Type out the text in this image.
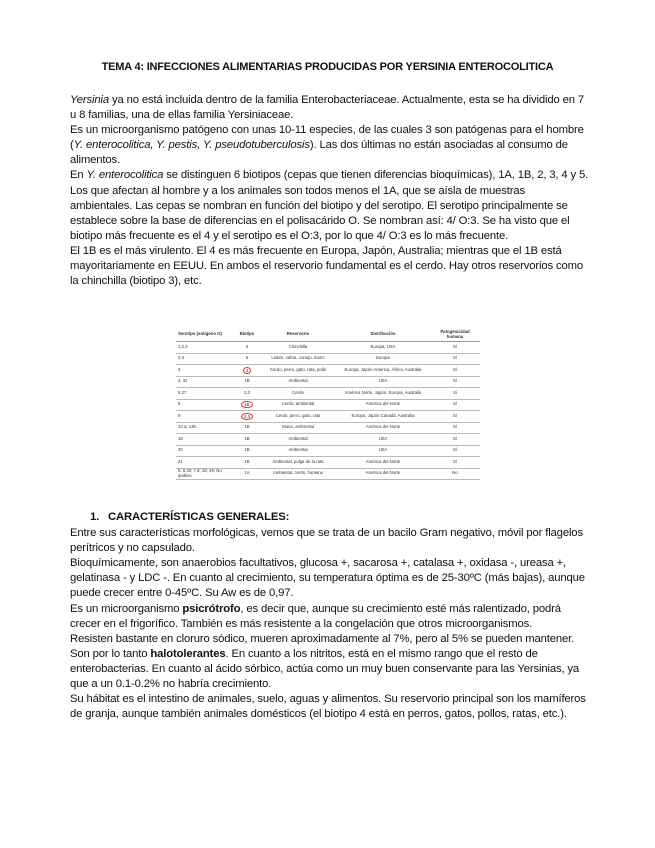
TEMA 4: INFECCIONES ALIMENTARIAS PRODUCIDAS POR YERSINIA ENTEROCOLITICA

Yersinia ya no está incluida dentro de la familia Enterobacteriaceae. Actualmente, esta se ha dividido en 7 u 8 familias, una de ellas familia Yersiniaceae.

Es un microorganismo patógeno con unas 10-11 especies, de las cuales 3 son patógenas para el hombre (Y. enterocolitica, Y. pestis, Y. pseudotuberculosis). Las dos últimas no están asociadas al consumo de alimentos.

En Y. enterocolitica se distinguen 6 biotipos (cepas que tienen diferencias bioquímicas), 1A, 1B, 2, 3, 4 y 5. Los que afectan al hombre y a los animales son todos menos el 1A, que se aísla de muestras ambientales. Las cepas se nombran en función del biotipo y del serotipo. El serotipo principalmente se establece sobre la base de diferencias en el polisacárido O. Se nombran así: 4/ O:3. Se ha visto que el biotipo más frecuente es el 4 y el serotipo es el O:3, por lo que 4/ O:3 es lo más frecuente.

El 1B es el más virulento. El 4 es más frecuente en Europa, Japón, Australia; mientras que el 1B está mayoritariamente en EEUU. En ambos el reservorio fundamental es el cerdo. Hay otros reservorios como la chinchilla (biotipo 3), etc.

Serotipo (antígeno O)	Biotipo	Reservorio	Distribución	Patogenicidad humana
1,2,3	3	Chinchilla	Europa, USA	Sí
2,3	5	Liebre, cabra, conejo, mono	Europa	Sí
3	4	Cerdo, perro, gato, rata, pollo	Europa, Japón América, África, Australia	Sí
4, 32	1B	Ambiental	USA	Sí
5,27	2,3	Cerdo	América Norte, Japón, Europa, Australia	Sí
8	1B	Cerdo, ambiental	América del Norte	Sí
9	2,3	Cerdo, perro, gato, rata	Europa, Japón Canadá, Australia	Sí
13 a, 13b	1B	Mono, ambiental	América del Norte	Sí
18	1B	Ambiental	USA	Sí
20	1B	Ambiental	USA	Sí
21	1B	Ambiental, pulga de la rata	América del Norte	Sí
5; 6,30; 7,8; 18; 46; No ipables	1A	Ambiental, cerdo, humano	América del Norte	No
1. CARACTERÍSTICAS GENERALES:

Entre sus características morfológicas, vemos que se trata de un bacilo Gram negativo, móvil por flagelos perítricos y no capsulado.

Bioquímicamente, son anaerobios facultativos, glucosa +, sacarosa +, catalasa +, oxidasa -, ureasa +, gelatinasa - y LDC -. En cuanto al crecimiento, su temperatura óptima es de 25-30ºC (más bajas), aunque puede crecer entre 0-45ºC. Su Aw es de 0,97.

Es un microorganismo psicrótrofo, es decir que, aunque su crecimiento esté más ralentizado, podrá crecer en el frigorífico. También es más resistente a la congelación que otros microorganismos.

Resisten bastante en cloruro sódico, mueren aproximadamente al 7%, pero al 5% se pueden mantener. Son por lo tanto halotolerantes. En cuanto a los nitritos, está en el mismo rango que el resto de enterobacterias. En cuanto al ácido sórbico, actúa como un muy buen conservante para las Yersinias, ya que a un 0.1-0.2% no habría crecimiento.

Su hábitat es el intestino de animales, suelo, aguas y alimentos. Su reservorio principal son los mamíferos de granja, aunque también animales domésticos (el biotipo 4 está en perros, gatos, pollos, ratas, etc.).
